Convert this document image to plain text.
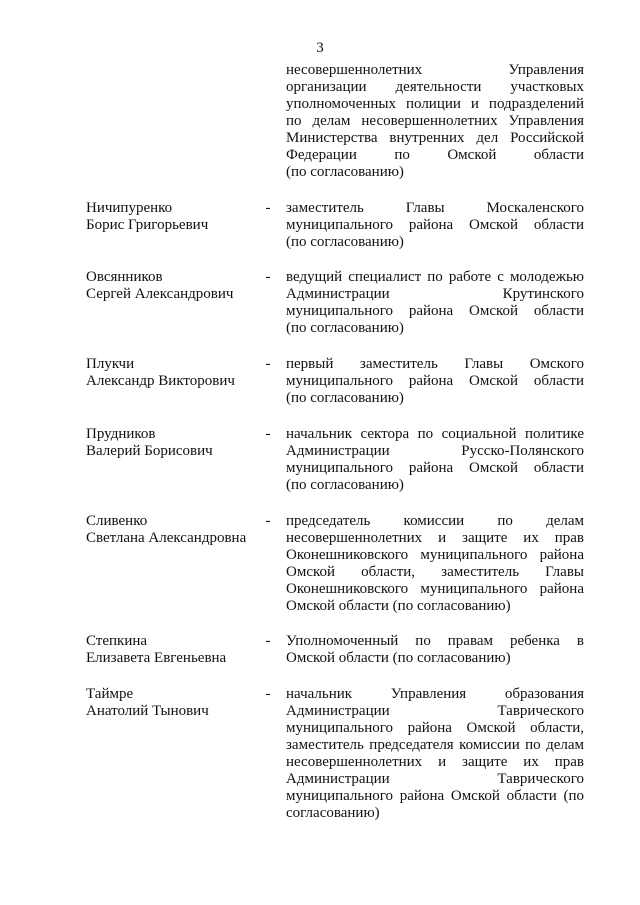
3
несовершеннолетних Управления
организации деятельности участковых
уполномоченных полиции и подразделений
по делам несовершеннолетних Управления
Министерства внутренних дел Российской
Федерации по Омской области
(по согласованию)
Ничипуренко
Борис Григорьевич
- заместитель Главы Москаленского
муниципального района Омской области
(по согласованию)
Овсянников
Сергей Александрович
- ведущий специалист по работе с молодежью
Администрации Крутинского
муниципального района Омской области
(по согласованию)
Плукчи
Александр Викторович
- первый заместитель Главы Омского
муниципального района Омской области
(по согласованию)
Прудников
Валерий Борисович
- начальник сектора по социальной политике
Администрации Русско-Полянского
муниципального района Омской области
(по согласованию)
Сливенко
Светлана Александровна
- председатель комиссии по делам
несовершеннолетних и защите их прав
Оконешниковского муниципального района
Омской области, заместитель Главы
Оконешниковского муниципального района
Омской области (по согласованию)
Степкина
Елизавета Евгеньевна
- Уполномоченный по правам ребенка в
Омской области (по согласованию)
Таймре
Анатолий Тынович
- начальник Управления образования
Администрации Таврического
муниципального района Омской области,
заместитель председателя комиссии по делам
несовершеннолетних и защите их прав
Администрации Таврического
муниципального района Омской области (по
согласованию)
